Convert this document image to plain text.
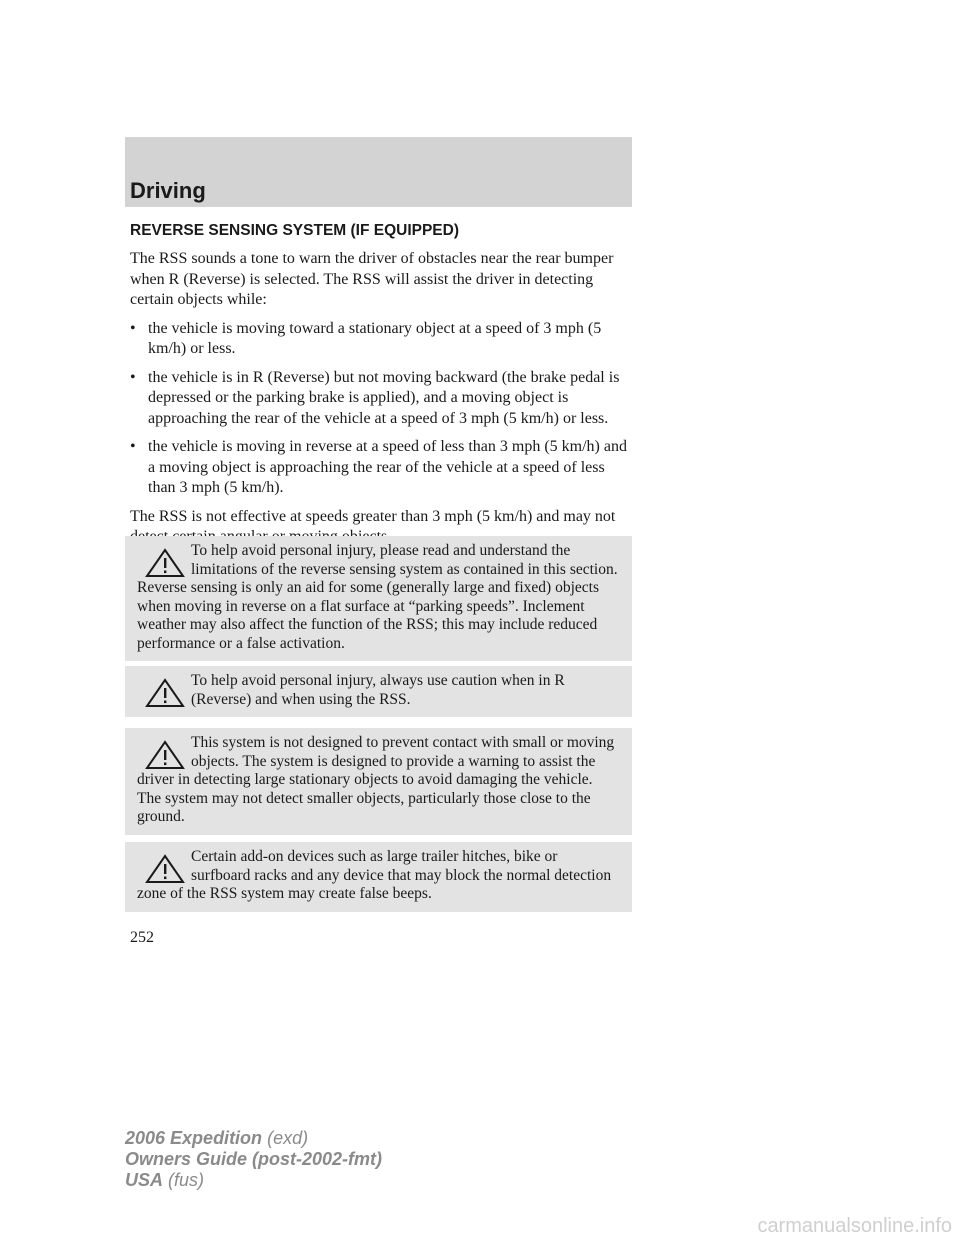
Driving
REVERSE SENSING SYSTEM (IF EQUIPPED)

The RSS sounds a tone to warn the driver of obstacles near the rear bumper when R (Reverse) is selected. The RSS will assist the driver in detecting certain objects while:

• the vehicle is moving toward a stationary object at a speed of 3 mph (5 km/h) or less.
• the vehicle is in R (Reverse) but not moving backward (the brake pedal is depressed or the parking brake is applied), and a moving object is approaching the rear of the vehicle at a speed of 3 mph (5 km/h) or less.
• the vehicle is moving in reverse at a speed of less than 3 mph (5 km/h) and a moving object is approaching the rear of the vehicle at a speed of less than 3 mph (5 km/h).

The RSS is not effective at speeds greater than 3 mph (5 km/h) and may not

To help avoid personal injury, please read and understand the limitations of the reverse sensing system as contained in this section. Reverse sensing is only an aid for some (generally large and fixed) objects when moving in reverse on a flat surface at “parking speeds”. Inclement weather may also affect the function of the RSS; this may include reduced performance or a false activation.
To help avoid personal injury, always use caution when in R (Reverse) and when using the RSS.
This system is not designed to prevent contact with small or moving objects. The system is designed to provide a warning to assist the driver in detecting large stationary objects to avoid damaging the vehicle. The system may not detect smaller objects, particularly those close to the ground.
Certain add-on devices such as large trailer hitches, bike or surfboard racks and any device that may block the normal detection zone of the RSS system may create false beeps.
252
2006 Expedition (exd)
Owners Guide (post-2002-fmt)
USA (fus)
carmanualsonline.info
